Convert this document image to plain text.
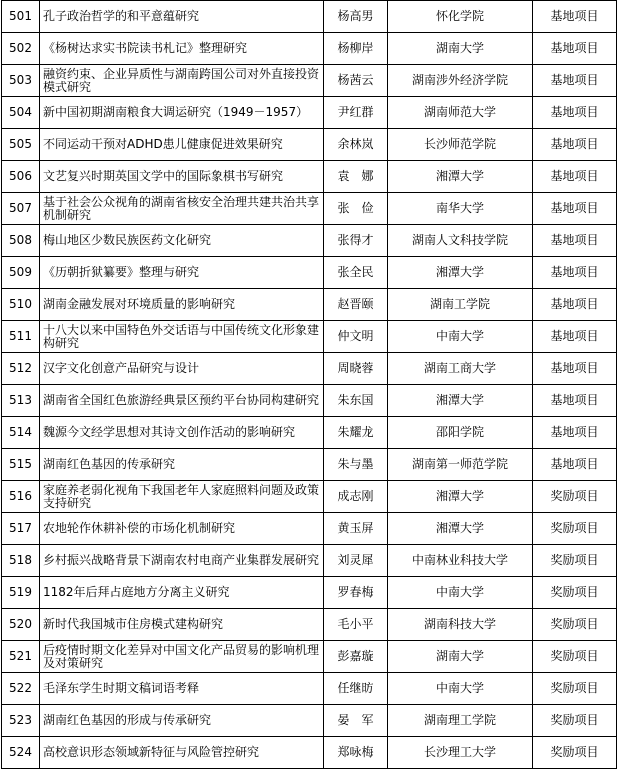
501	孔子政治哲学的和平意蕴研究	杨高男	怀化学院	基地项目
502	《杨树达求实书院读书札记》整理研究	杨柳岸	湖南大学	基地项目
503	融资约束、企业异质性与湖南跨国公司对外直接投资模式研究	杨茜云	湖南涉外经济学院	基地项目
504	新中国初期湖南粮食大调运研究（1949－1957）	尹红群	湖南师范大学	基地项目
505	不同运动干预对ADHD患儿健康促进效果研究	余林岚	长沙师范学院	基地项目
506	文艺复兴时期英国文学中的国际象棋书写研究	袁　娜	湘潭大学	基地项目
507	基于社会公众视角的湖南省核安全治理共建共治共享机制研究	张　俭	南华大学	基地项目
508	梅山地区少数民族医药文化研究	张得才	湖南人文科技学院	基地项目
509	《历朝折狱纂要》整理与研究	张全民	湘潭大学	基地项目
510	湖南金融发展对环境质量的影响研究	赵晋颐	湖南工学院	基地项目
511	十八大以来中国特色外交话语与中国传统文化形象建构研究	仲文明	中南大学	基地项目
512	汉字文化创意产品研究与设计	周晓蓉	湖南工商大学	基地项目
513	湖南省全国红色旅游经典景区预约平台协同构建研究	朱东国	湘潭大学	基地项目
514	魏源今文经学思想对其诗文创作活动的影响研究	朱耀龙	邵阳学院	基地项目
515	湖南红色基因的传承研究	朱与墨	湖南第一师范学院	基地项目
516	家庭养老弱化视角下我国老年人家庭照料问题及政策支持研究	成志刚	湘潭大学	奖励项目
517	农地轮作休耕补偿的市场化机制研究	黄玉屏	湘潭大学	奖励项目
518	乡村振兴战略背景下湖南农村电商产业集群发展研究	刘灵犀	中南林业科技大学	奖励项目
519	1182年后拜占庭地方分离主义研究	罗春梅	中南大学	奖励项目
520	新时代我国城市住房模式建构研究	毛小平	湖南科技大学	奖励项目
521	后疫情时期文化差异对中国文化产品贸易的影响机理及对策研究	彭嘉璇	湖南大学	奖励项目
522	毛泽东学生时期文稿词语考释	任继昉	中南大学	奖励项目
523	湖南红色基因的形成与传承研究	晏　军	湖南理工学院	奖励项目
524	高校意识形态领域新特征与风险管控研究	郑咏梅	长沙理工大学	奖励项目
